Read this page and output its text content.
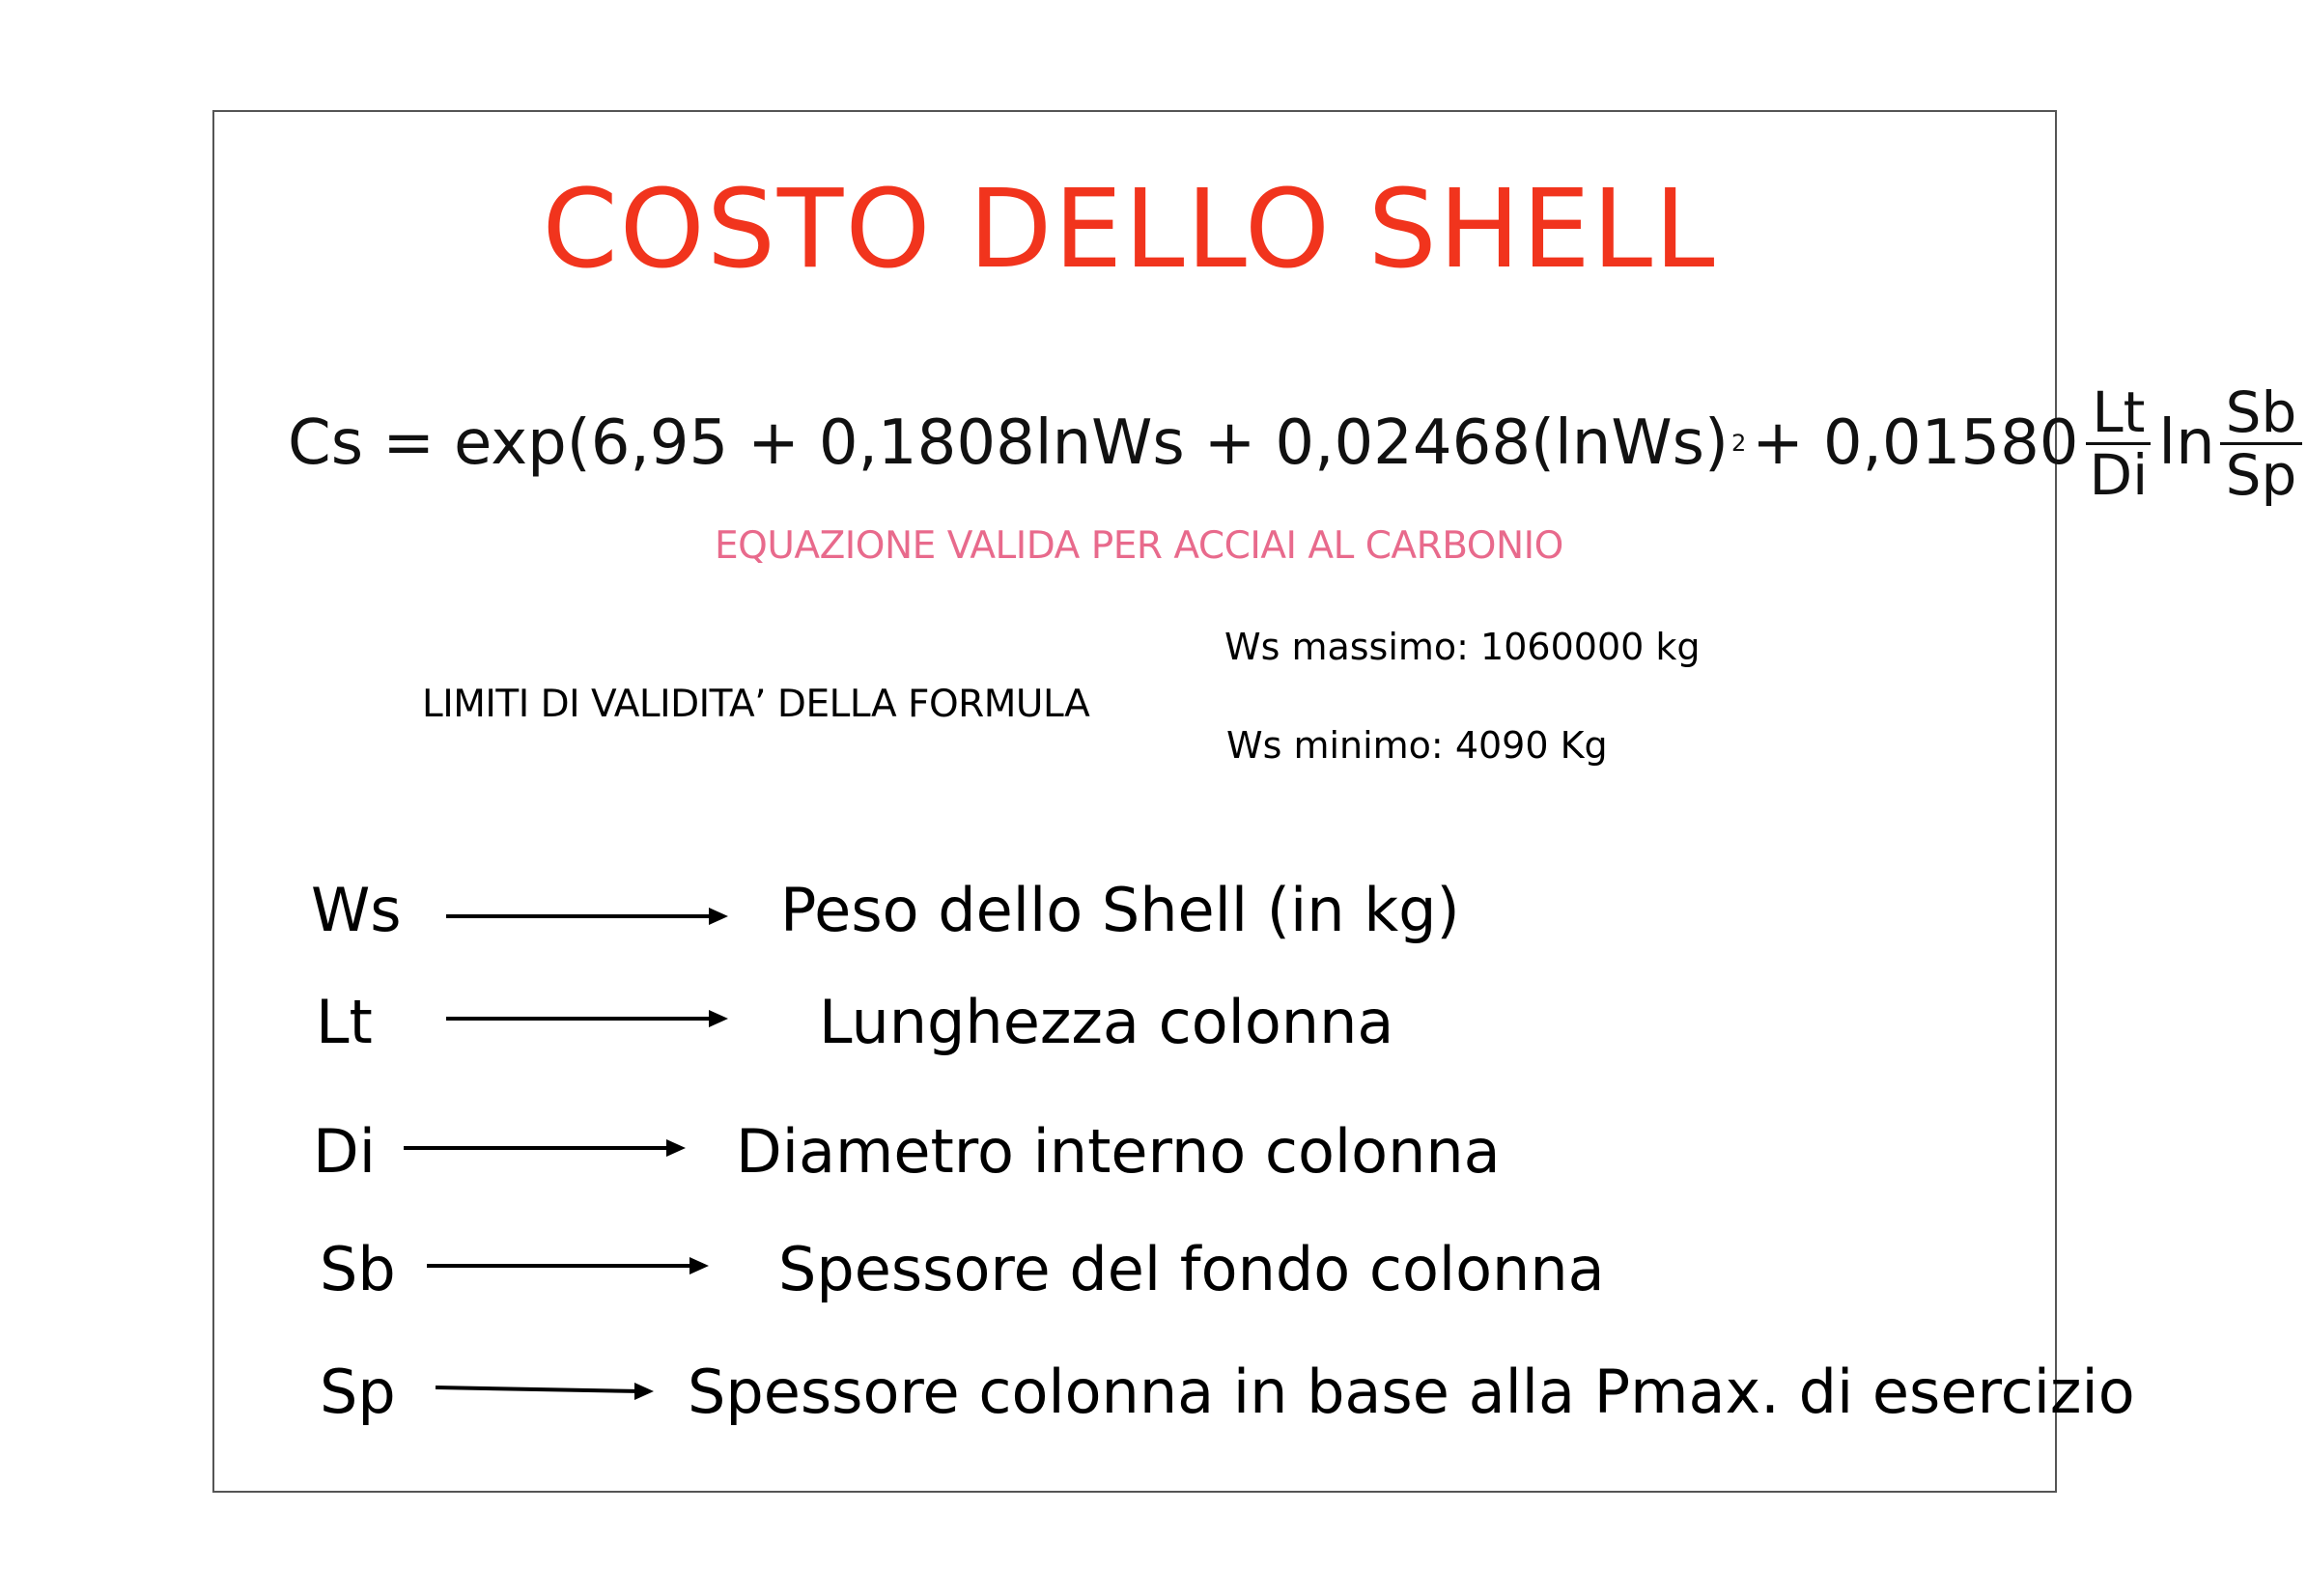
COSTO DELLO SHELL
Cs = exp ( 6,95 + 0,1808lnWs + 0,02468(lnWs) $2 + 0,01580 \frac{Lt}{Di}$ $\ln \frac{Sb}{Sp}$
EQUAZIONE VALIDA PER ACCIAI AL CARBONIO
LIMITI DI VALIDITA’ DELLA FORMULA
Ws massimo: 1060000 kg
Ws minimo: 4090 Kg
Ws	Peso dello Shell (in kg)
Lt	Lunghezza colonna
Di	Diametro interno colonna
Sb	Spessore del fondo colonna
Sp	Spessore colonna in base alla Pmax. di esercizio
